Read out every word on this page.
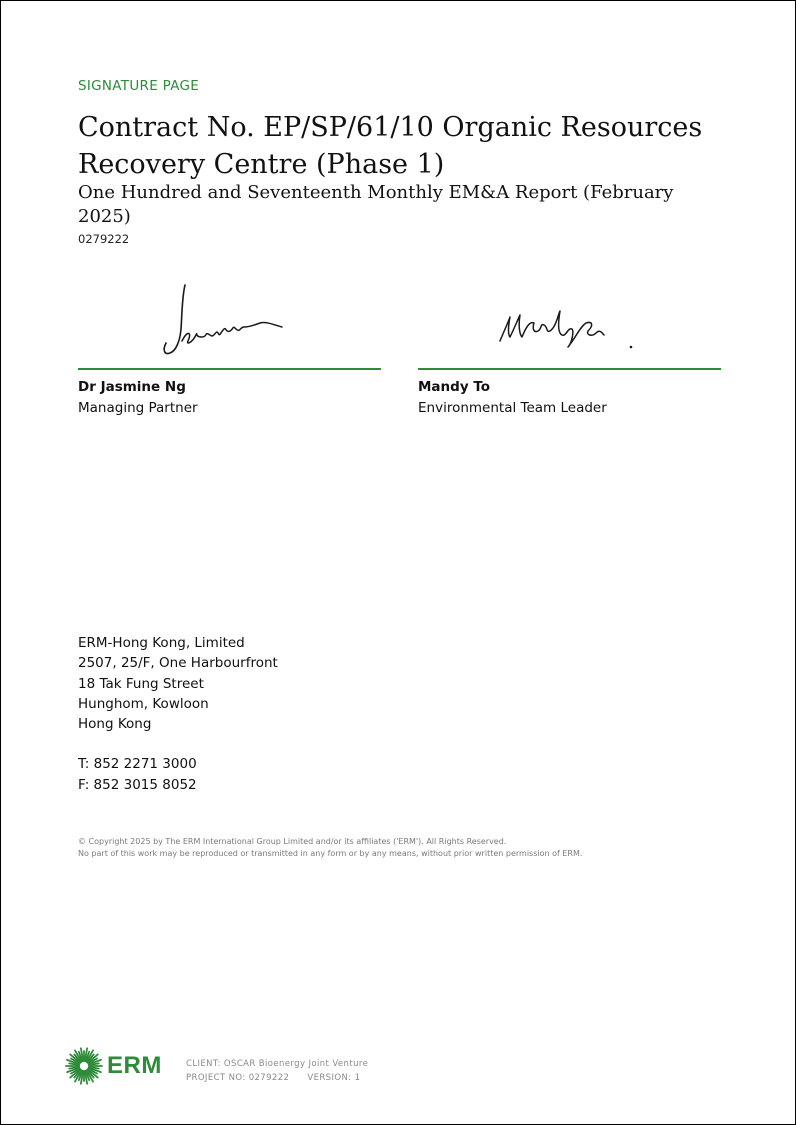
SIGNATURE PAGE
Contract No. EP/SP/61/10 Organic Resources Recovery Centre (Phase 1)
One Hundred and Seventeenth Monthly EM&A Report (February 2025)
0279222
Dr Jasmine Ng
Managing Partner
Mandy To
Environmental Team Leader
ERM-Hong Kong, Limited
2507, 25/F, One Harbourfront
18 Tak Fung Street
Hunghom, Kowloon
Hong Kong
T: 852 2271 3000
F: 852 3015 8052
© Copyright 2025 by The ERM International Group Limited and/or its affiliates ('ERM'). All Rights Reserved.
No part of this work may be reproduced or transmitted in any form or by any means, without prior written permission of ERM.
ERM	CLIENT: OSCAR Bioenergy Joint Venture
PROJECT NO: 0279222 VERSION: 1
